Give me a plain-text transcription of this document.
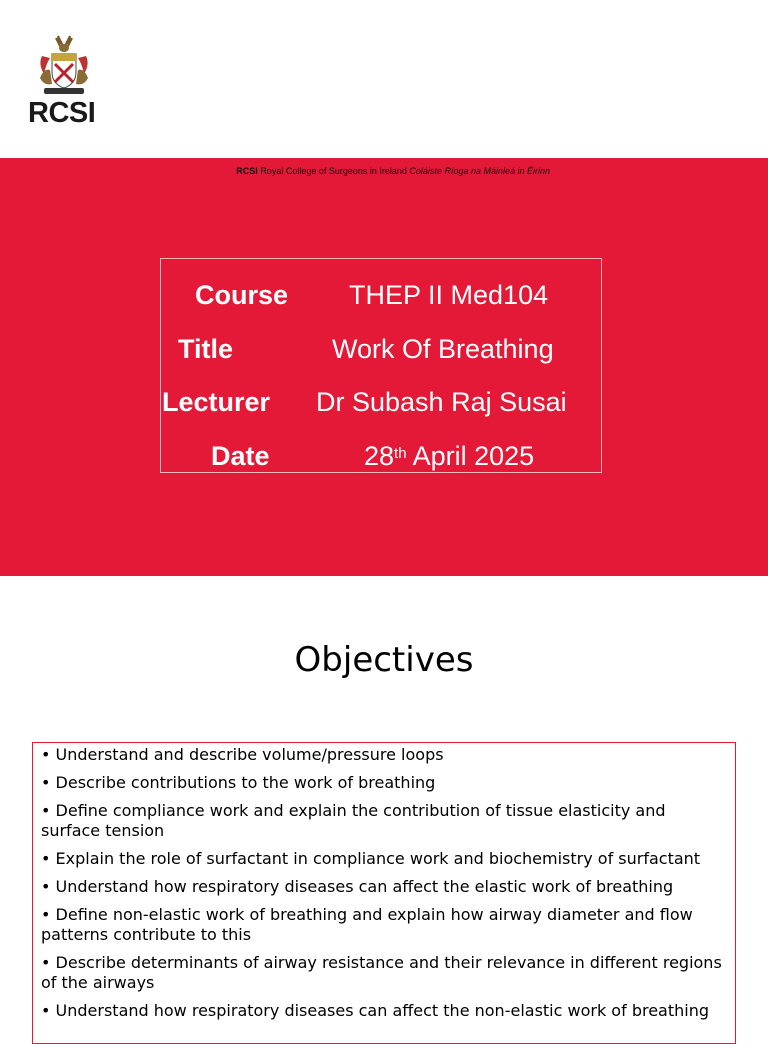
RCSI
RCSI Royal College of Surgeons in Ireland Coláiste Ríoga na Máinleá in Éirinn
Course THEP II Med104
Title	Work Of Breathing
Lecturer Dr Subash Raj Susai
Date	28th April 2025
Objectives
• Understand and describe volume/pressure loops
• Describe contributions to the work of breathing
• Define compliance work and explain the contribution of tissue elasticity and surface tension
• Explain the role of surfactant in compliance work and biochemistry of surfactant
• Understand how respiratory diseases can affect the elastic work of breathing
• Define non-elastic work of breathing and explain how airway diameter and flow patterns contribute to this
• Describe determinants of airway resistance and their relevance in different regions of the airways
• Understand how respiratory diseases can affect the non-elastic work of breathing
